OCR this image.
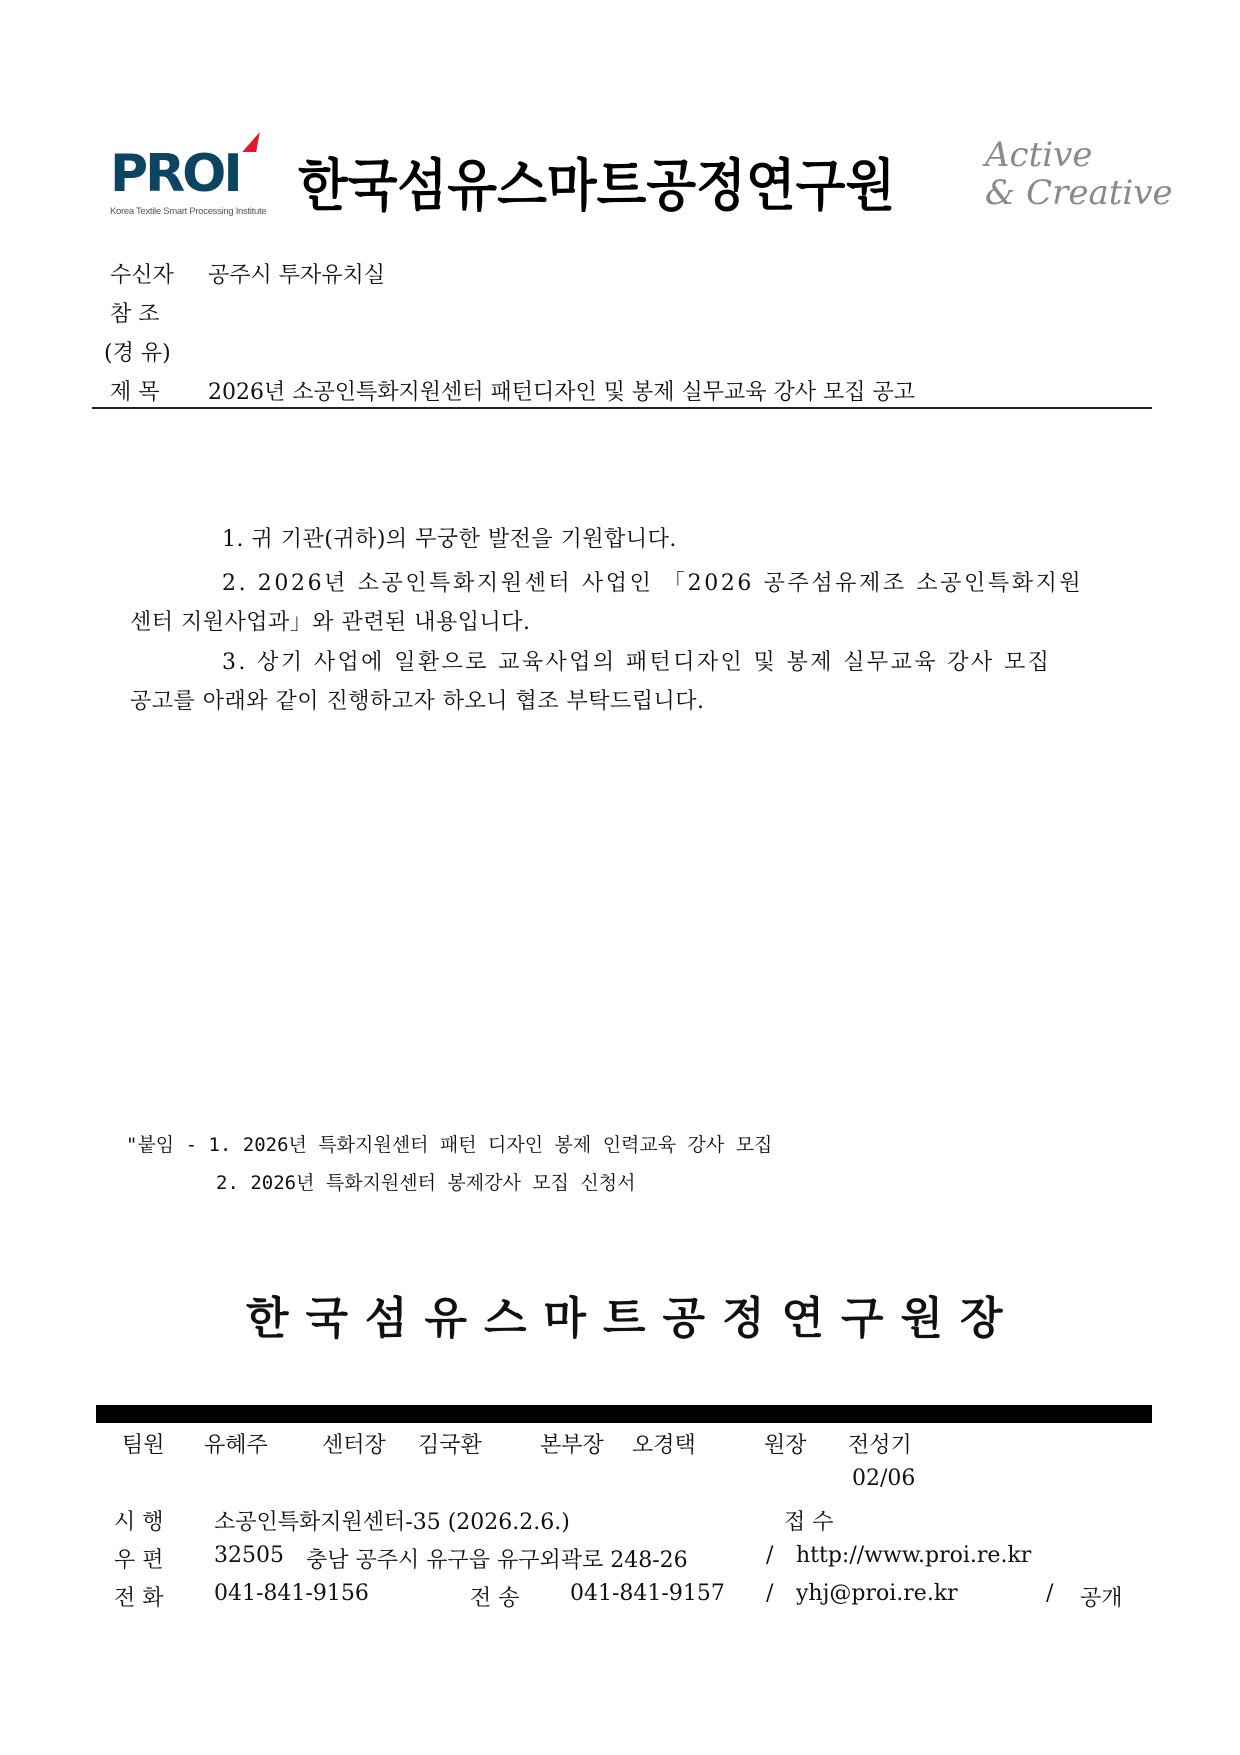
PROI
Korea Textile Smart Processing Institute 한국섬유스마트공정연구원	Active
& Creative
수신자 공주시 투자유치실
참 조
(경 유)
제 목 2026년 소공인특화지원센터 패턴디자인 및 봉제 실무교육 강사 모집 공고
1. 귀 기관(귀하)의 무궁한 발전을 기원합니다.
2. 2026년 소공인특화지원센터 사업인 「2026 공주섬유제조 소공인특화지원
센터 지원사업과」와 관련된 내용입니다.
3. 상기 사업에 일환으로 교육사업의 패턴디자인 및 봉제 실무교육 강사 모집
공고를 아래와 같이 진행하고자 하오니 협조 부탁드립니다.
"붙임 - 1. 2026년 특화지원센터 패턴 디자인 봉제 인력교육 강사 모집
2. 2026년 특화지원센터 봉제강사 모집 신청서
한국섬유스마트공정연구원장
팀원 유혜주 센터장 김국환	본부장 오경택	원장 전성기
02/06
시 행 소공인특화지원센터-35 (2026.2.6.)	접 수
우 편 32505 충남 공주시 유구읍 유구외곽로 248-26	/ http://www.proi.re.kr
전 화 041-841-9156	전 송 041-841-9157 / yhj@proi.re.kr	/ 공개
